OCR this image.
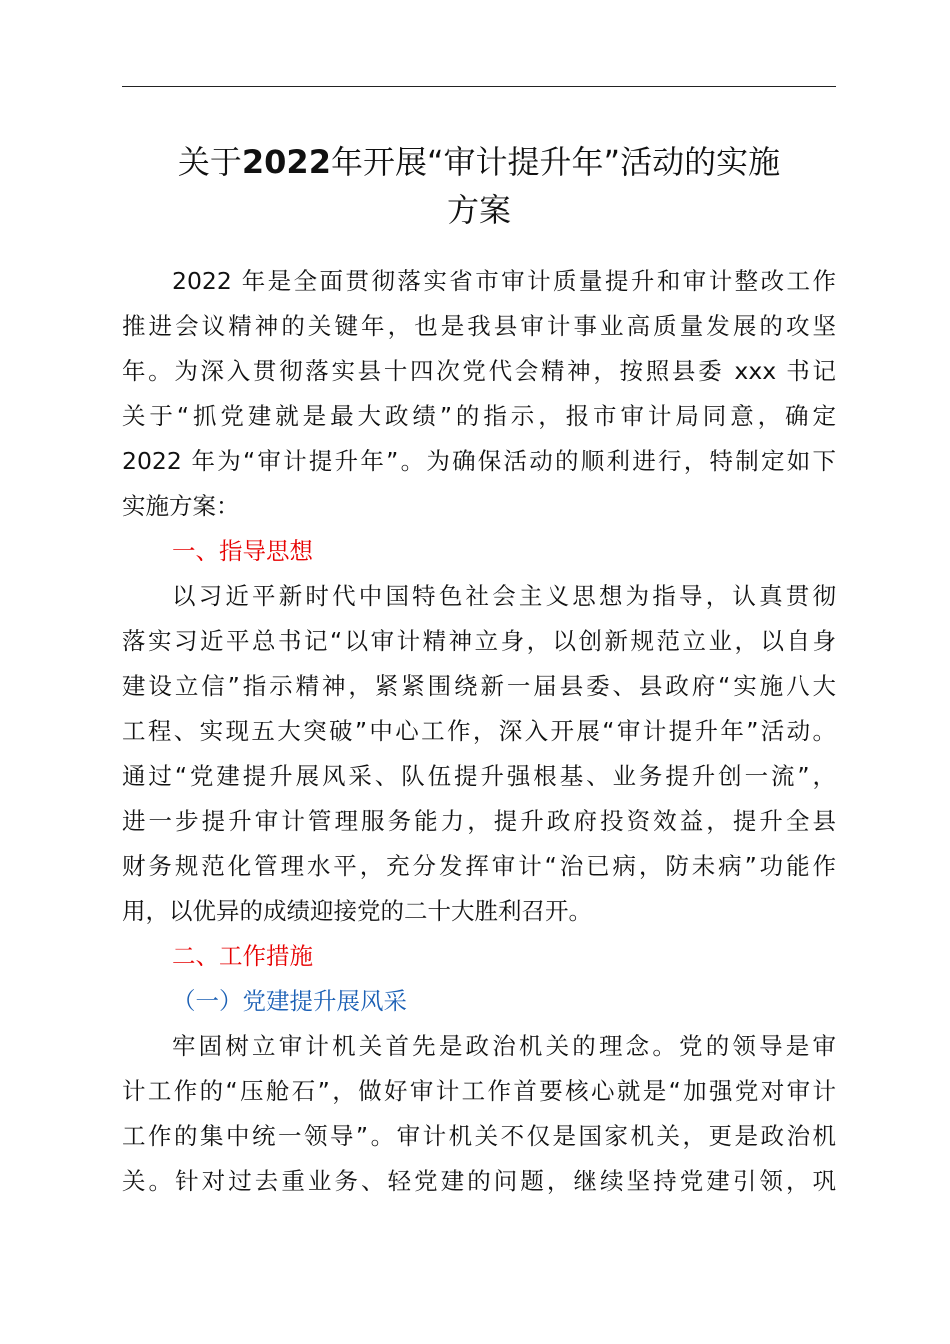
关于2022年开展“审计提升年”活动的实施
方案
2022 年是全面贯彻落实省市审计质量提升和审计整改工作
推进会议精神的关键年，也是我县审计事业高质量发展的攻坚
年。为深入贯彻落实县十四次党代会精神，按照县委 xxx 书记
关于“抓党建就是最大政绩”的指示，报市审计局同意，确定
2022 年为“审计提升年”。为确保活动的顺利进行，特制定如下
实施方案：
一、指导思想
以习近平新时代中国特色社会主义思想为指导，认真贯彻
落实习近平总书记“以审计精神立身，以创新规范立业，以自身
建设立信”指示精神，紧紧围绕新一届县委、县政府“实施八大
工程、实现五大突破”中心工作，深入开展“审计提升年”活动。
通过“党建提升展风采、队伍提升强根基、业务提升创一流”，
进一步提升审计管理服务能力，提升政府投资效益，提升全县
财务规范化管理水平，充分发挥审计“治已病，防未病”功能作
用，以优异的成绩迎接党的二十大胜利召开。
二、工作措施
（一）党建提升展风采
牢固树立审计机关首先是政治机关的理念。党的领导是审
计工作的“压舱石”，做好审计工作首要核心就是“加强党对审计
工作的集中统一领导”。审计机关不仅是国家机关，更是政治机
关。针对过去重业务、轻党建的问题，继续坚持党建引领，巩
